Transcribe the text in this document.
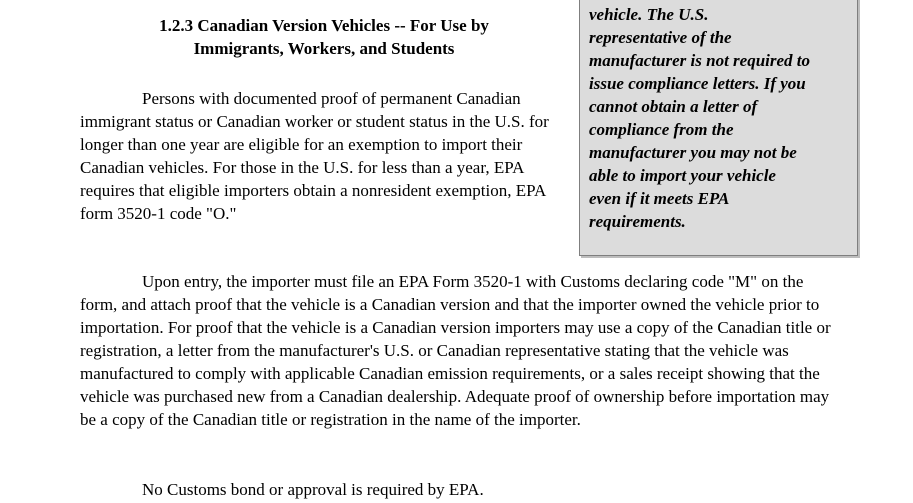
1.2.3 Canadian Version Vehicles -- For Use by
Immigrants, Workers, and Students

Persons with documented proof of permanent Canadian immigrant status or Canadian worker or student status in the U.S. for longer than one year are eligible for an exemption to import their Canadian vehicles. For those in the U.S. for less than a year, EPA requires that eligible importers obtain a nonresident exemption, EPA form 3520-1 code "O."

vehicle. The U.S.
representative of the
manufacturer is not required to
issue compliance letters. If you
cannot obtain a letter of
compliance from the
manufacturer you may not be
able to import your vehicle
even if it meets EPA
requirements.

Upon entry, the importer must file an EPA Form 3520-1 with Customs declaring code "M" on the form, and attach proof that the vehicle is a Canadian version and that the importer owned the vehicle prior to importation. For proof that the vehicle is a Canadian version importers may use a copy of the Canadian title or registration, a letter from the manufacturer's U.S. or Canadian representative stating that the vehicle was manufactured to comply with applicable Canadian emission requirements, or a sales receipt showing that the vehicle was purchased new from a Canadian dealership. Adequate proof of ownership before importation may be a copy of the Canadian title or registration in the name of the importer.

No Customs bond or approval is required by EPA.
